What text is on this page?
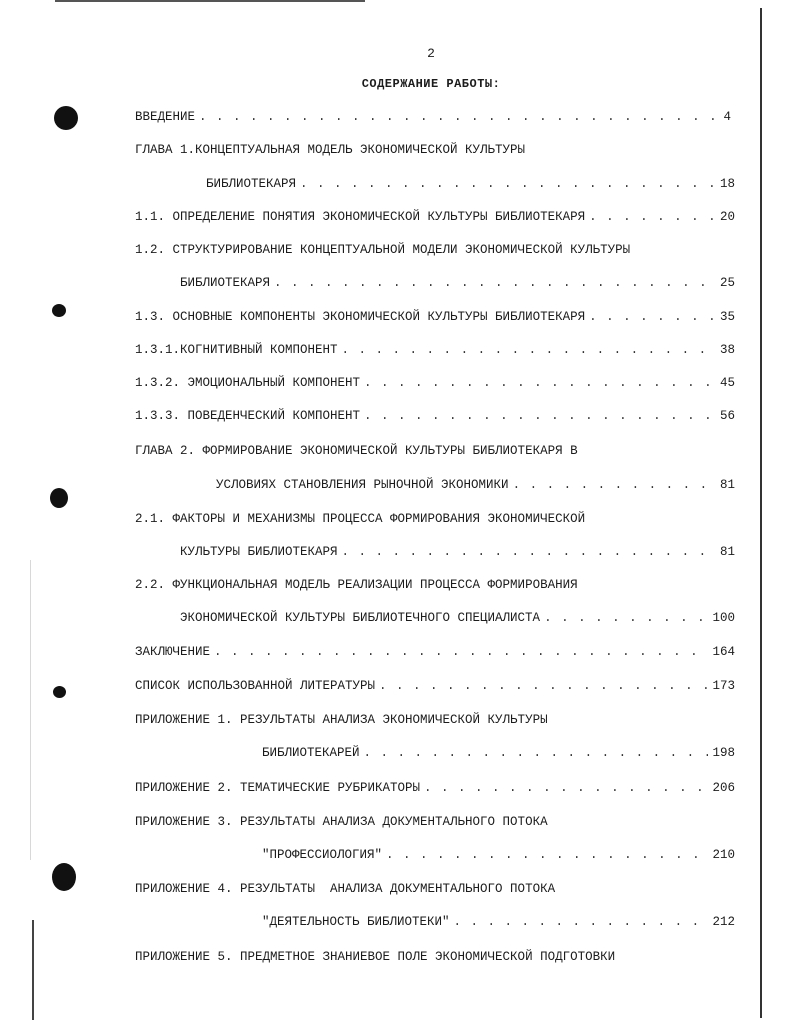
2
СОДЕРЖАНИЕ РАБОТЫ:
ВВЕДЕНИЕ . . .	4
ГЛАВА 1.КОНЦЕПТУАЛЬНАЯ МОДЕЛЬ ЭКОНОМИЧЕСКОЙ КУЛЬТУРЫ
БИБЛИОТЕКАРЯ . . .	18
1.1. ОПРЕДЕЛЕНИЕ ПОНЯТИЯ ЭКОНОМИЧЕСКОЙ КУЛЬТУРЫ БИБЛИОТЕКАРЯ . . .	20
1.2. СТРУКТУРИРОВАНИЕ КОНЦЕПТУАЛЬНОЙ МОДЕЛИ ЭКОНОМИЧЕСКОЙ КУЛЬТУРЫ
БИБЛИОТЕКАРЯ . . .	25
1.3. ОСНОВНЫЕ КОМПОНЕНТЫ ЭКОНОМИЧЕСКОЙ КУЛЬТУРЫ БИБЛИОТЕКАРЯ . . .	35
1.3.1.КОГНИТИВНЫЙ КОМПОНЕНТ . . .	38
1.3.2. ЭМОЦИОНАЛЬНЫЙ КОМПОНЕНТ . . .	45
1.3.3. ПОВЕДЕНЧЕСКИЙ КОМПОНЕНТ . . .	56
ГЛАВА 2. ФОРМИРОВАНИЕ ЭКОНОМИЧЕСКОЙ КУЛЬТУРЫ БИБЛИОТЕКАРЯ В
УСЛОВИЯХ СТАНОВЛЕНИЯ РЫНОЧНОЙ ЭКОНОМИКИ . . .	81
2.1. ФАКТОРЫ И МЕХАНИЗМЫ ПРОЦЕССА ФОРМИРОВАНИЯ ЭКОНОМИЧЕСКОЙ
КУЛЬТУРЫ БИБЛИОТЕКАРЯ . . .	81
2.2. ФУНКЦИОНАЛЬНАЯ МОДЕЛЬ РЕАЛИЗАЦИИ ПРОЦЕССА ФОРМИРОВАНИЯ
ЭКОНОМИЧЕСКОЙ КУЛЬТУРЫ БИБЛИОТЕЧНОГО СПЕЦИАЛИСТА . . .	100
ЗАКЛЮЧЕНИЕ . . .	164
СПИСОК ИСПОЛЬЗОВАННОЙ ЛИТЕРАТУРЫ . . .	173
ПРИЛОЖЕНИЕ 1. РЕЗУЛЬТАТЫ АНАЛИЗА ЭКОНОМИЧЕСКОЙ КУЛЬТУРЫ
БИБЛИОТЕКАРЕЙ . . .	198
ПРИЛОЖЕНИЕ 2. ТЕМАТИЧЕСКИЕ РУБРИКАТОРЫ . . .	206
ПРИЛОЖЕНИЕ 3. РЕЗУЛЬТАТЫ АНАЛИЗА ДОКУМЕНТАЛЬНОГО ПОТОКА
"ПРОФЕССИОЛОГИЯ" . . .	210
ПРИЛОЖЕНИЕ 4. РЕЗУЛЬТАТЫ  АНАЛИЗА ДОКУМЕНТАЛЬНОГО ПОТОКА
"ДЕЯТЕЛЬНОСТЬ БИБЛИОТЕКИ" . . .	212
ПРИЛОЖЕНИЕ 5. ПРЕДМЕТНОЕ ЗНАНИЕВОЕ ПОЛЕ ЭКОНОМИЧЕСКОЙ ПОДГОТОВКИ
